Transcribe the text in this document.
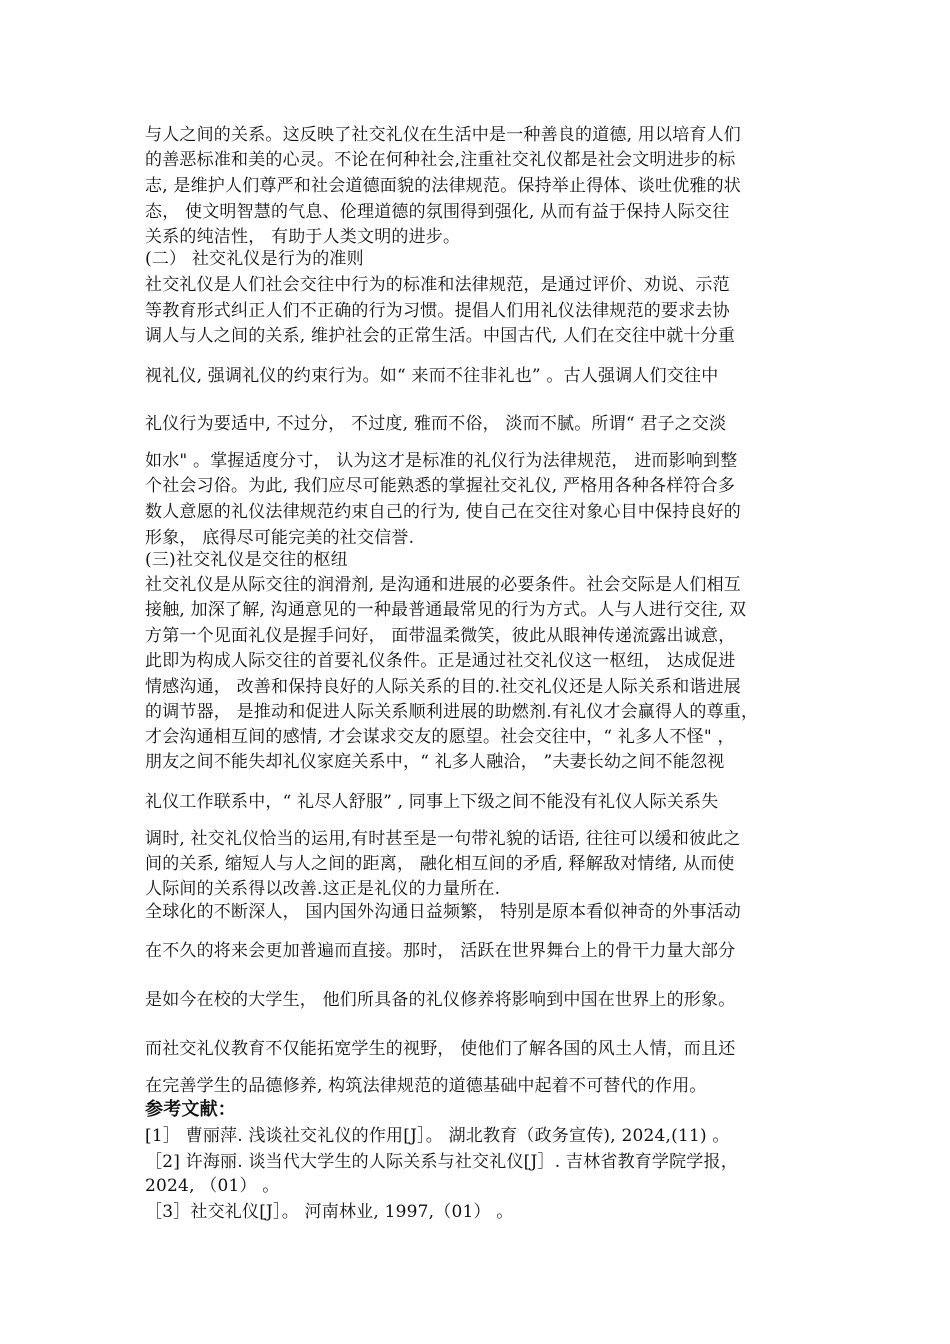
与人之间的关系。这反映了社交礼仪在生活中是一种善良的道德, 用以培育人们
的善恶标准和美的心灵。不论在何种社会,注重社交礼仪都是社会文明进步的标
志, 是维护人们尊严和社会道德面貌的法律规范。保持举止得体、谈吐优雅的状
态， 使文明智慧的气息、伦理道德的氛围得到强化, 从而有益于保持人际交往
关系的纯洁性， 有助于人类文明的进步。
(二） 社交礼仪是行为的准则
社交礼仪是人们社会交往中行为的标准和法律规范，是通过评价、劝说、示范
等教育形式纠正人们不正确的行为习惯。提倡人们用礼仪法律规范的要求去协
调人与人之间的关系, 维护社会的正常生活。中国古代, 人们在交往中就十分重
视礼仪, 强调礼仪的约束行为。如“ 来而不往非礼也” 。古人强调人们交往中
礼仪行为要适中, 不过分， 不过度, 雅而不俗， 淡而不腻。所谓“ 君子之交淡
如水" 。掌握适度分寸， 认为这才是标准的礼仪行为法律规范， 进而影响到整
个社会习俗。为此, 我们应尽可能熟悉的掌握社交礼仪, 严格用各种各样符合多
数人意愿的礼仪法律规范约束自己的行为, 使自己在交往对象心目中保持良好的
形象， 底得尽可能完美的社交信誉.
(三)社交礼仪是交往的枢纽
社交礼仪是从际交往的润滑剂, 是沟通和进展的必要条件。社会交际是人们相互
接触, 加深了解, 沟通意见的一种最普通最常见的行为方式。人与人进行交往, 双
方第一个见面礼仪是握手问好， 面带温柔微笑，彼此从眼神传递流露出诚意，
此即为构成人际交往的首要礼仪条件。正是通过社交礼仪这一枢纽， 达成促进
情感沟通， 改善和保持良好的人际关系的目的.社交礼仪还是人际关系和谐进展
的调节器， 是推动和促进人际关系顺利进展的助燃剂.有礼仪才会赢得人的尊重，
才会沟通相互间的感情, 才会谋求交友的愿望。社会交往中，“ 礼多人不怪" ，
朋友之间不能失却礼仪家庭关系中，“ 礼多人融洽， ”夫妻长幼之间不能忽视
礼仪工作联系中，“ 礼尽人舒服” , 同事上下级之间不能没有礼仪人际关系失
调时, 社交礼仪恰当的运用,有时甚至是一句带礼貌的话语, 往往可以缓和彼此之
间的关系, 缩短人与人之间的距离， 融化相互间的矛盾, 释解敌对情绪, 从而使
人际间的关系得以改善.这正是礼仪的力量所在.
全球化的不断深人， 国内国外沟通日益频繁， 特别是原本看似神奇的外事活动
在不久的将来会更加普遍而直接。那时， 活跃在世界舞台上的骨干力量大部分
是如今在校的大学生， 他们所具备的礼仪修养将影响到中国在世界上的形象。
而社交礼仪教育不仅能拓宽学生的视野， 使他们了解各国的风土人情，而且还
在完善学生的品德修养, 构筑法律规范的道德基础中起着不可替代的作用。
参考文献：
[1］ 曹丽萍. 浅谈社交礼仪的作用[J］。 湖北教育（政务宣传), 2024,(11) 。
［2] 许海丽. 谈当代大学生的人际关系与社交礼仪[J］. 吉林省教育学院学报，
2024, （01） 。
［3］社交礼仪[J］。 河南林业, 1997,（01） 。
